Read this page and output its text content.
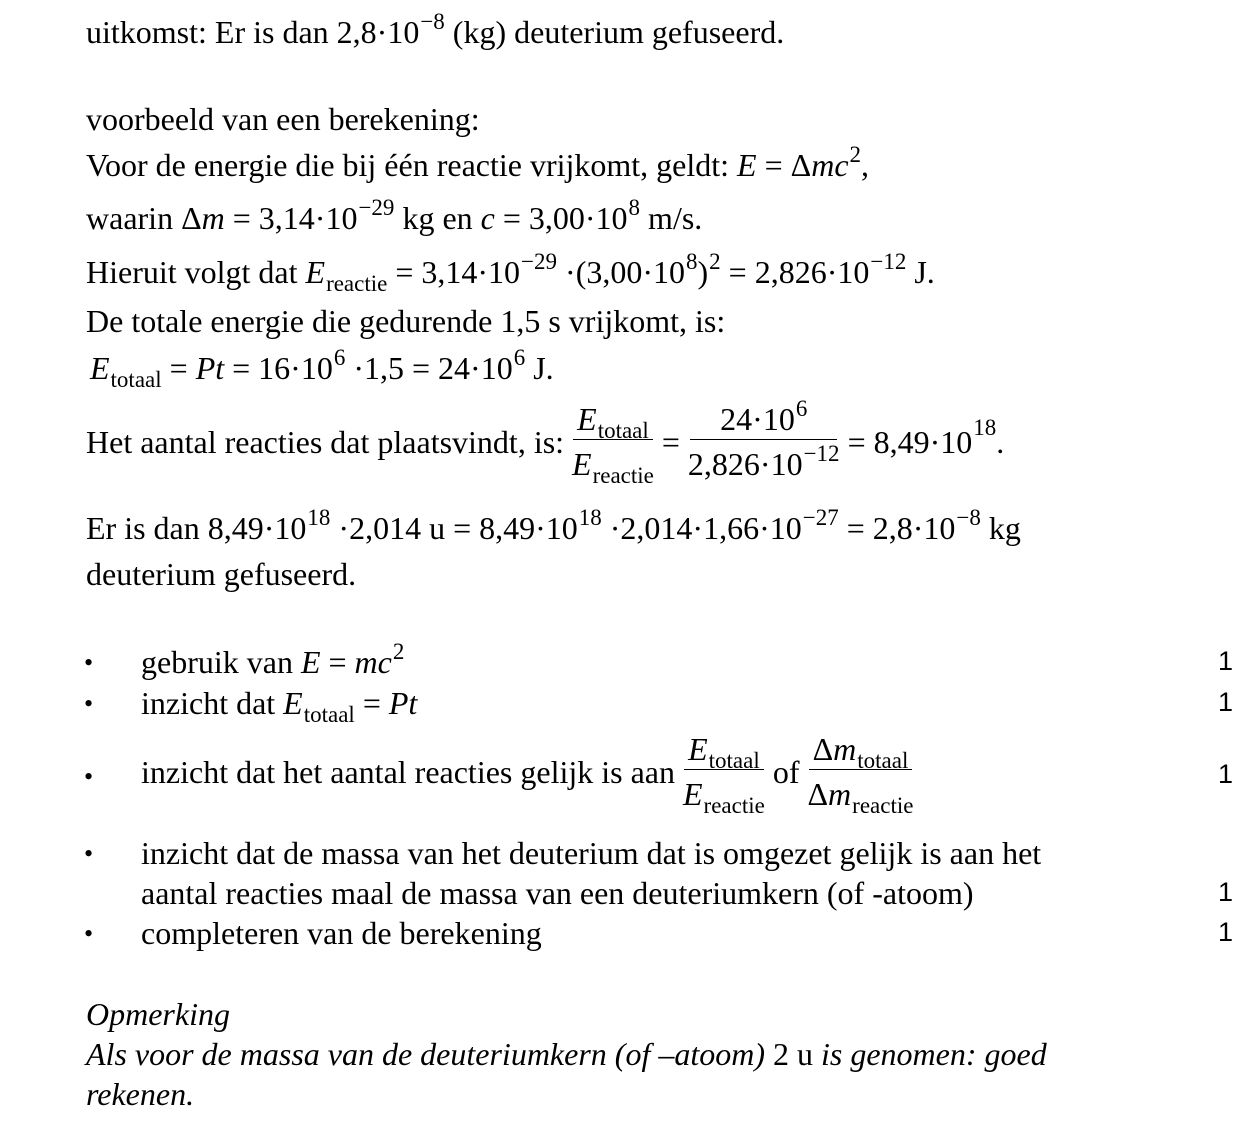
uitkomst: Er is dan $2,8\cdot 10^{-8}$ (kg) deuterium gefuseerd.
voorbeeld van een berekening:
Voor de energie die bij één reactie vrijkomt, geldt: E = Δmc$^2$,
waarin $\Delta m = 3,14\cdot 10^{-29}$ kg en $c = 3,00\cdot 10^8$ m/s.
Hieruit volgt dat $E_{reactie} = 3,14\cdot 10^{-29} \cdot(3,00\cdot 10^8)^2 = 2,826\cdot 10^{-12}$ J.
De totale energie die gedurende 1,5 s vrijkomt, is:
$E_{totaal} = Pt = 16\cdot 10^6 \cdot 1,5 = 24\cdot 10^6$ J.
Het aantal reacties dat plaatsvindt, is: $\frac{E_{totaal}}{E_{reactie}} = \frac{24\cdot 10^6}{2,826\cdot 10^{-12}} = 8,49\cdot 10$ 18 .
Er is dan $8,49\cdot 10^{18} \cdot 2,014$ $u = 8,49\cdot 10^{18} \cdot 2,014\cdot 1,66\cdot 10^{-27} = 2,8\cdot 10^{-8}$ kg
deuterium gefuseerd.
• gebruik van $E = mc^2$	1
• inzicht dat $E_{totaal} = Pt$	1
• inzicht dat het aantal reacties gelijk is aan $\frac{E_{totaal}}{E_{reactie}}$ of $\frac{\Delta m_{totaal}}{\Delta m_{reactie}}$	1
• inzicht dat de massa van het deuterium dat is omgezet gelijk is aan het
aantal reacties maal de massa van een deuteriumkern (of -atoom)	1
• completeren van de berekening	1
Opmerking
Als voor de massa van de deuteriumkern (of –atoom) 2 u is genomen: goed
rekenen.
